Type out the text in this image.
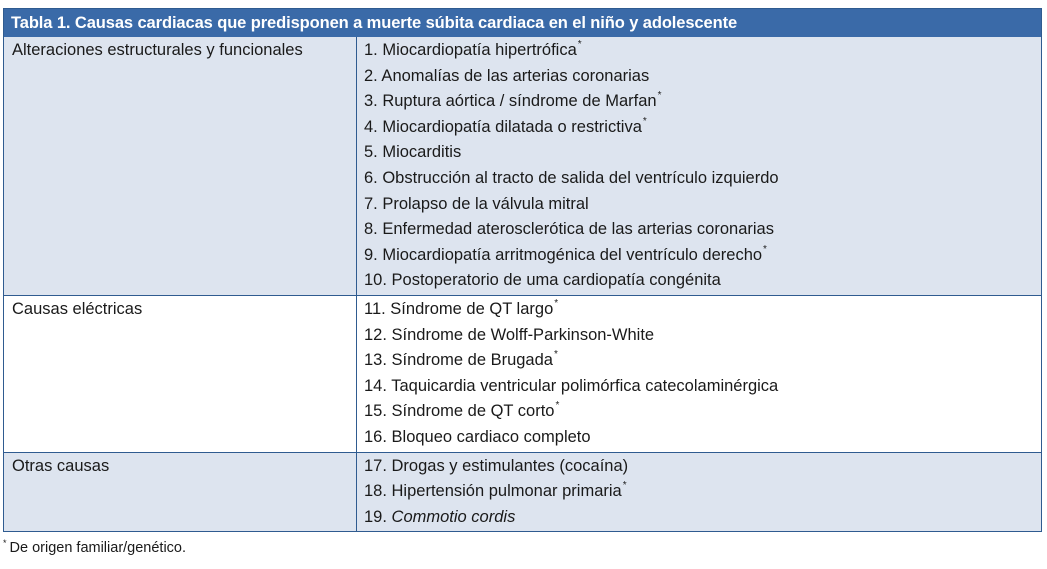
Tabla 1. Causas cardiacas que predisponen a muerte súbita cardiaca en el niño y adolescente
Alteraciones estructurales y funcionales	1. Miocardiopatía hipertrófica*
2. Anomalías de las arterias coronarias
3. Ruptura aórtica / síndrome de Marfan*
4. Miocardiopatía dilatada o restrictiva*
5. Miocarditis
6. Obstrucción al tracto de salida del ventrículo izquierdo
7. Prolapso de la válvula mitral
8. Enfermedad aterosclerótica de las arterias coronarias
9. Miocardiopatía arritmogénica del ventrículo derecho*
10. Postoperatorio de uma cardiopatía congénita
Causas eléctricas	11. Síndrome de QT largo*
12. Síndrome de Wolff-Parkinson-White
13. Síndrome de Brugada*
14. Taquicardia ventricular polimórfica catecolaminérgica
15. Síndrome de QT corto*
16. Bloqueo cardiaco completo
Otras causas	17. Drogas y estimulantes (cocaína)
18. Hipertensión pulmonar primaria*
19. Commotio cordis
* De origen familiar/genético.
